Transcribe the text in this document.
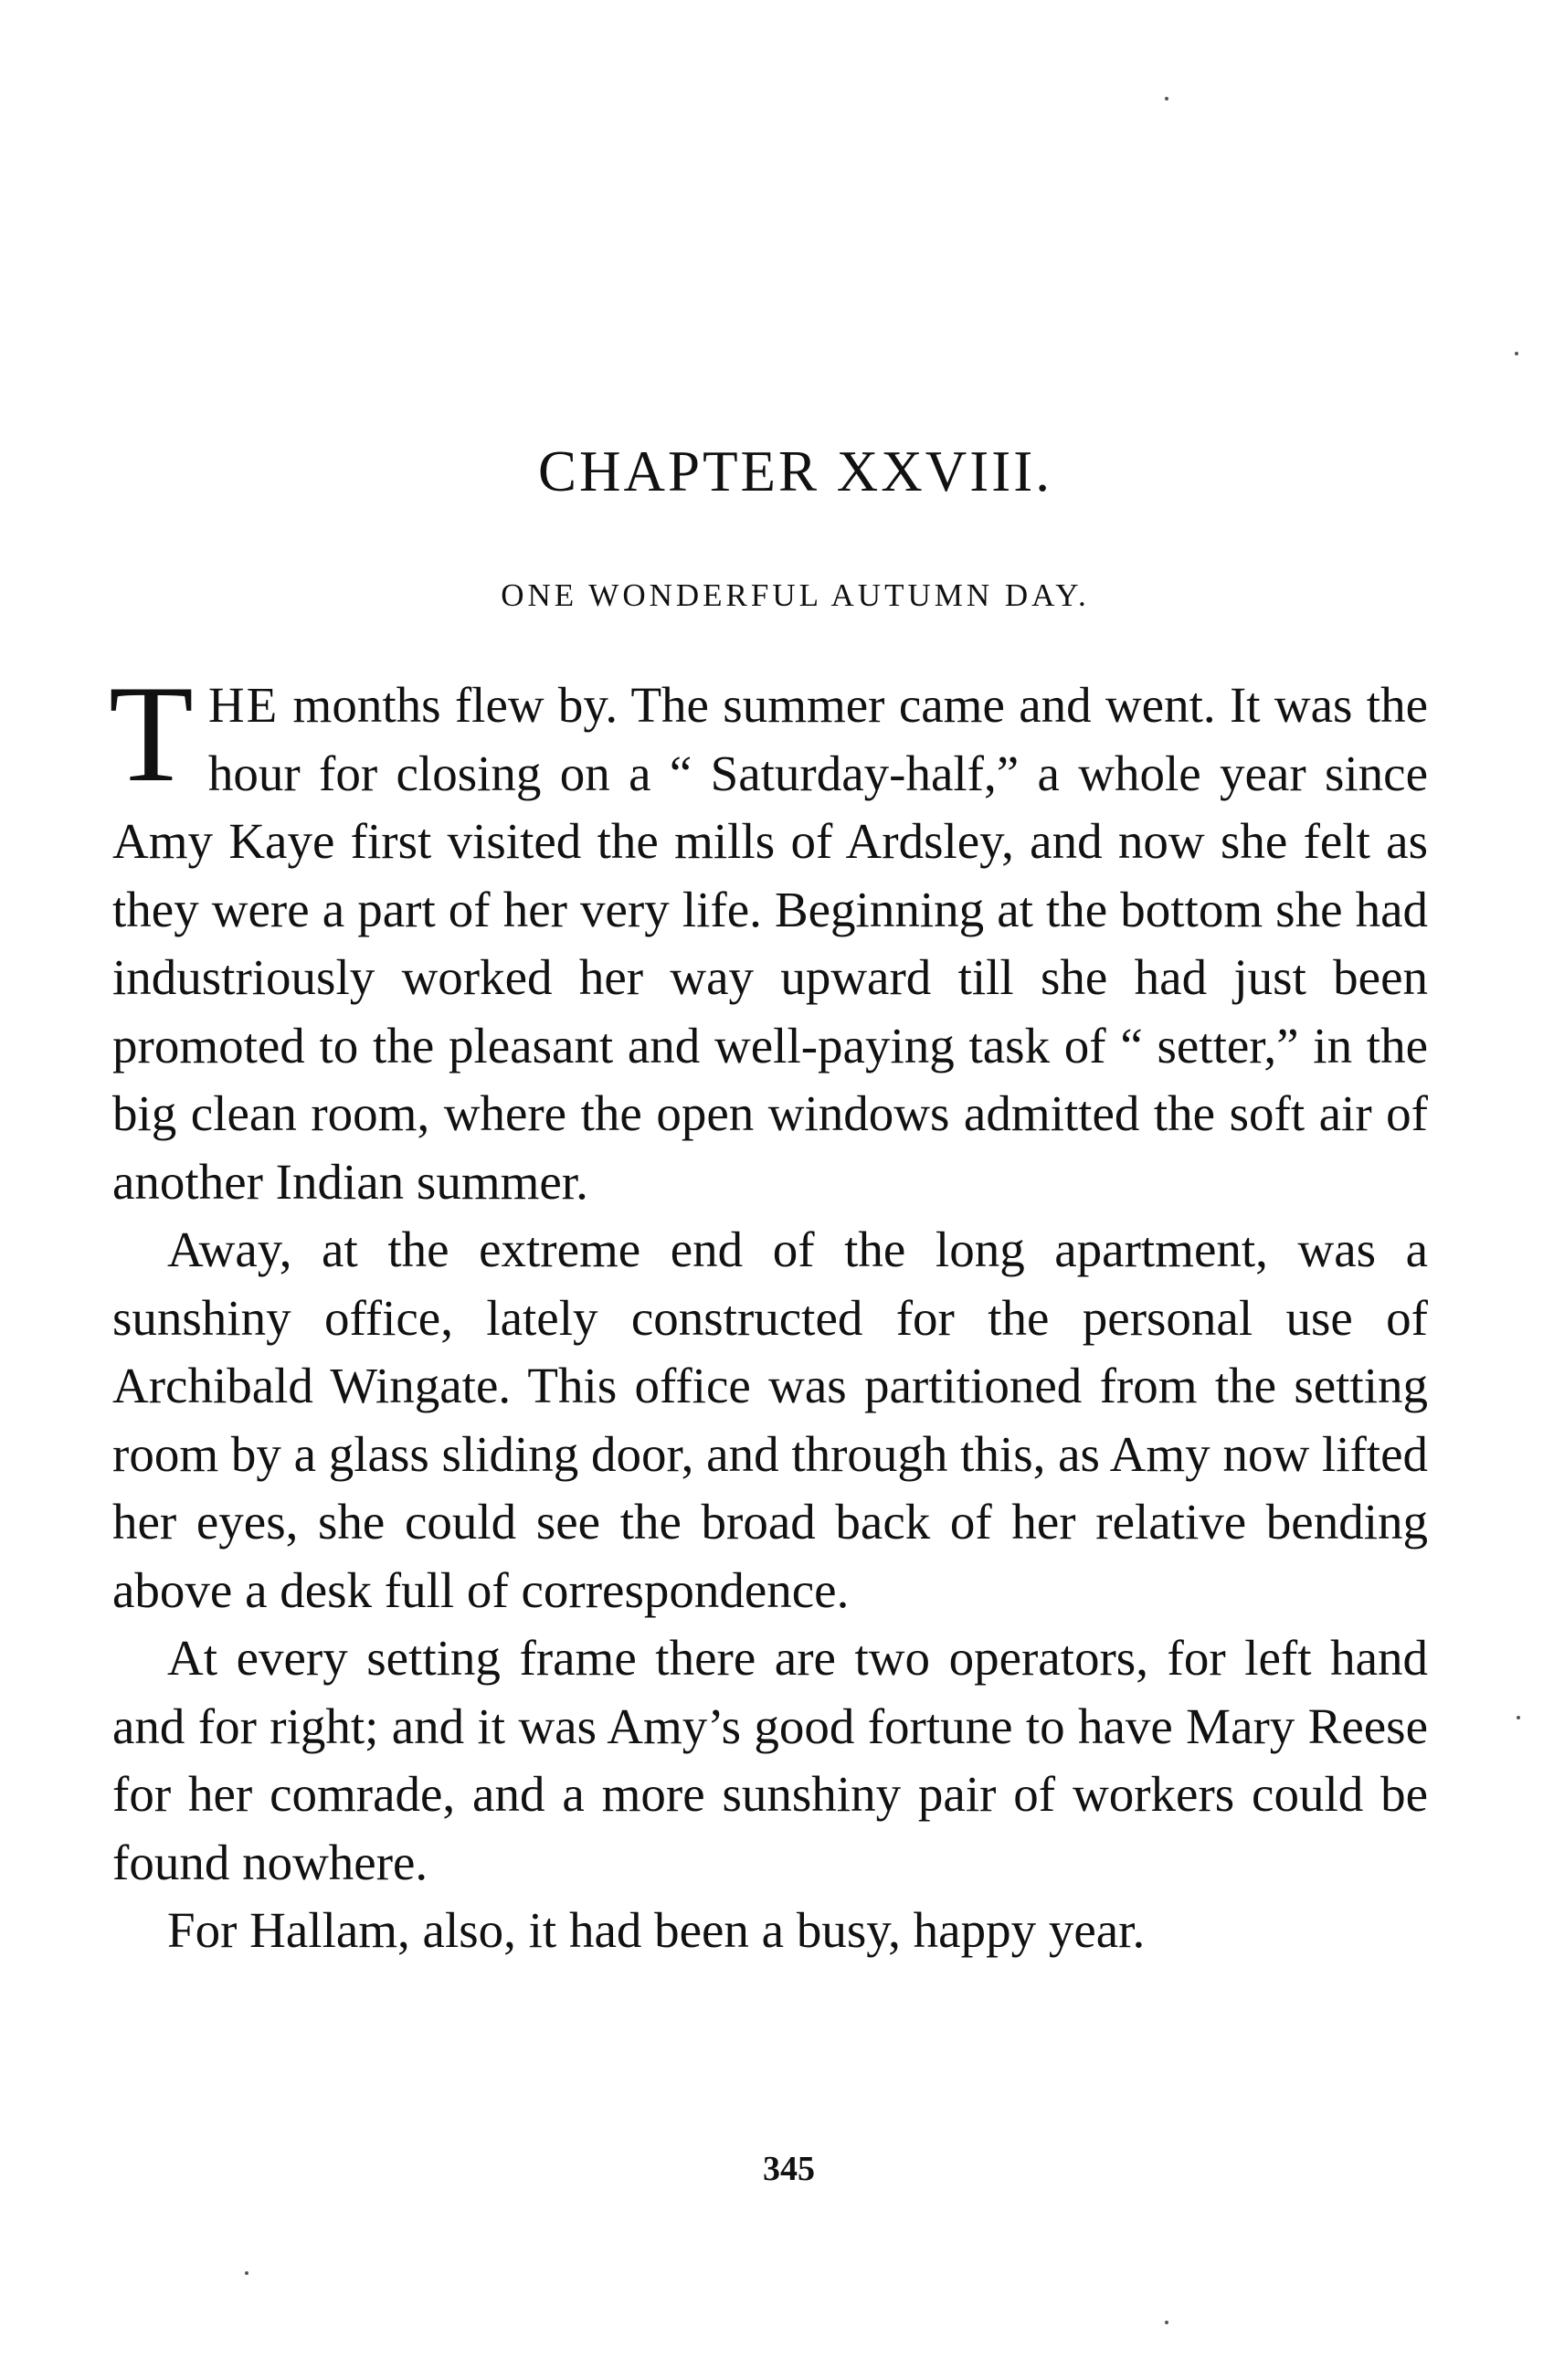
CHAPTER XXVIII.
ONE WONDERFUL AUTUMN DAY.

THE months flew by. The summer came and went. It was the hour for closing on a “ Saturday-half,” a whole year since Amy Kaye first visited the mills of Ardsley, and now she felt as they were a part of her very life. Beginning at the bottom she had industriously worked her way upward till she had just been promoted to the pleasant and well-paying task of “ setter,” in the big clean room, where the open windows admitted the soft air of another Indian summer.

Away, at the extreme end of the long apartment, was a sunshiny office, lately constructed for the personal use of Archibald Wingate. This office was partitioned from the setting room by a glass sliding door, and through this, as Amy now lifted her eyes, she could see the broad back of her relative bending above a desk full of correspondence.

At every setting frame there are two operators, for left hand and for right; and it was Amy’s good fortune to have Mary Reese for her comrade, and a more sunshiny pair of workers could be found nowhere.

For Hallam, also, it had been a busy, happy year.

345
